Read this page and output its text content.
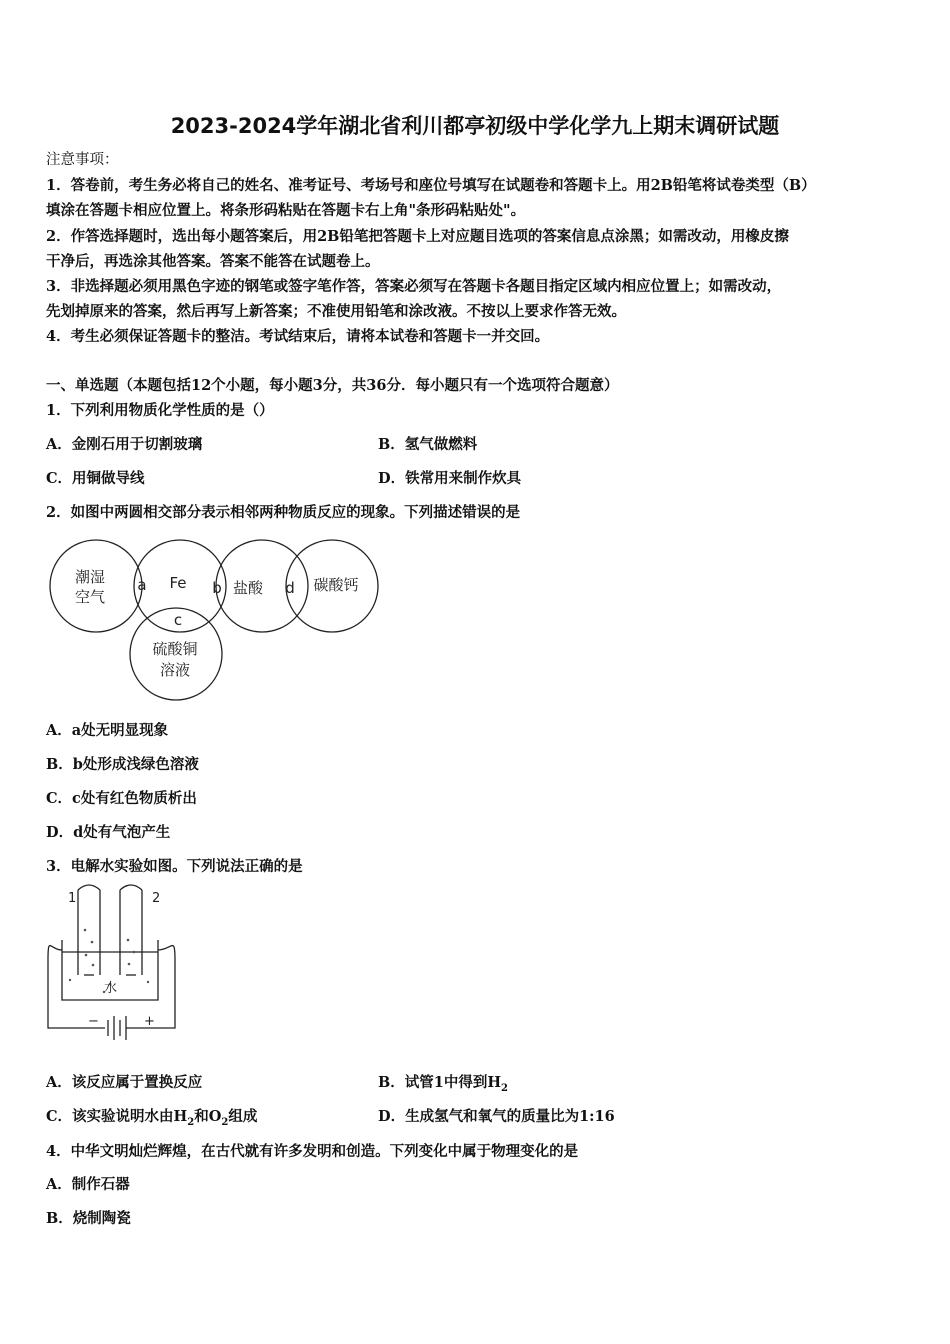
2023-2024学年湖北省利川都亭初级中学化学九上期末调研试题
注意事项：
1．答卷前，考生务必将自己的姓名、准考证号、考场号和座位号填写在试题卷和答题卡上。用2B铅笔将试卷类型（B）
填涂在答题卡相应位置上。将条形码粘贴在答题卡右上角"条形码粘贴处"。
2．作答选择题时，选出每小题答案后，用2B铅笔把答题卡上对应题目选项的答案信息点涂黑；如需改动，用橡皮擦
干净后，再选涂其他答案。答案不能答在试题卷上。
3．非选择题必须用黑色字迹的钢笔或签字笔作答，答案必须写在答题卡各题目指定区域内相应位置上；如需改动，
先划掉原来的答案，然后再写上新答案；不准使用铅笔和涂改液。不按以上要求作答无效。
4．考生必须保证答题卡的整洁。考试结束后，请将本试卷和答题卡一并交回。
一、单选题（本题包括12个小题，每小题3分，共36分．每小题只有一个选项符合题意）
1．下列利用物质化学性质的是（）
A．金刚石用于切割玻璃	B．氢气做燃料
C．用铜做导线	D．铁常用来制作炊具
2．如图中两圆相交部分表示相邻两种物质反应的现象。下列描述错误的是
潮湿
空气
Fe	盐酸	碳酸钙
硫酸铜
溶液
a	b	d
c
A．a处无明显现象
B．b处形成浅绿色溶液
C．c处有红色物质析出
D．d处有气泡产生
3．电解水实验如图。下列说法正确的是
1	2
水
−	+
A．该反应属于置换反应	B．试管1中得到$H_2$
C．该实验说明水由$H_2$和$O_2$组成	D．生成氢气和氧气的质量比为1:16
4．中华文明灿烂辉煌，在古代就有许多发明和创造。下列变化中属于物理变化的是
A．制作石器
B．烧制陶瓷
